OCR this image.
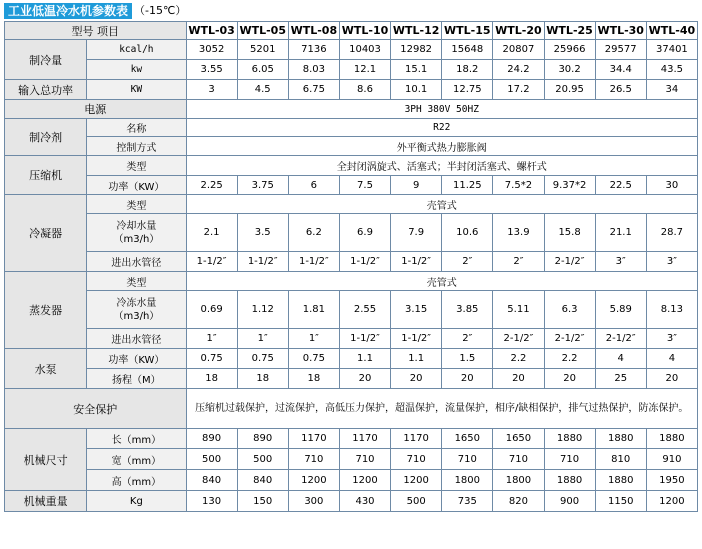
工业低温冷水机参数表 （-15℃）
型号 项目		WTL-03	WTL-05	WTL-08	WTL-10	WTL-12	WTL-15	WTL-20	WTL-25	WTL-30	WTL-40
制冷量	kcal/h	3052	5201	7136	10403	12982	15648	20807	25966	29577	37401
	kw	3.55	6.05	8.03	12.1	15.1	18.2	24.2	30.2	34.4	43.5
输入总功率	KW	3	4.5	6.75	8.6	10.1	12.75	17.2	20.95	26.5	34
电源		3PH 380V 50HZ									
制冷剂	名称	R22									
	控制方式	外平衡式热力膨胀阀									
压缩机	类型	全封闭涡旋式、活塞式；半封闭活塞式、螺杆式									
	功率（KW）	2.25	3.75	6	7.5	9	11.25	7.5*2	9.37*2	22.5	30
冷凝器	类型	壳管式									
	冷却水量
（m3/h）	2.1	3.5	6.2	6.9	7.9	10.6	13.9	15.8	21.1	28.7
	进出水管径	1-1/2″	1-1/2″	1-1/2″	1-1/2″	1-1/2″	2″	2″	2-1/2″	3″	3″
蒸发器	类型	壳管式									
	冷冻水量
（m3/h）	0.69	1.12	1.81	2.55	3.15	3.85	5.11	6.3	5.89	8.13
	进出水管径	1″	1″	1″	1-1/2″	1-1/2″	2″	2-1/2″	2-1/2″	2-1/2″	3″
水泵	功率（KW）	0.75	0.75	0.75	1.1	1.1	1.5	2.2	2.2	4	4
	扬程（M）	18	18	18	20	20	20	20	20	25	20
安全保护		压缩机过载保护，过流保护，高低压力保护，超温保护，流量保护，相序/缺相保护，排气过热保护，防冻保护。									
机械尺寸	长（mm）	890	890	1170	1170	1170	1650	1650	1880	1880	1880
	宽（mm）	500	500	710	710	710	710	710	710	810	910
	高（mm）	840	840	1200	1200	1200	1800	1800	1880	1880	1950
机械重量	Kg	130	150	300	430	500	735	820	900	1150	1200
